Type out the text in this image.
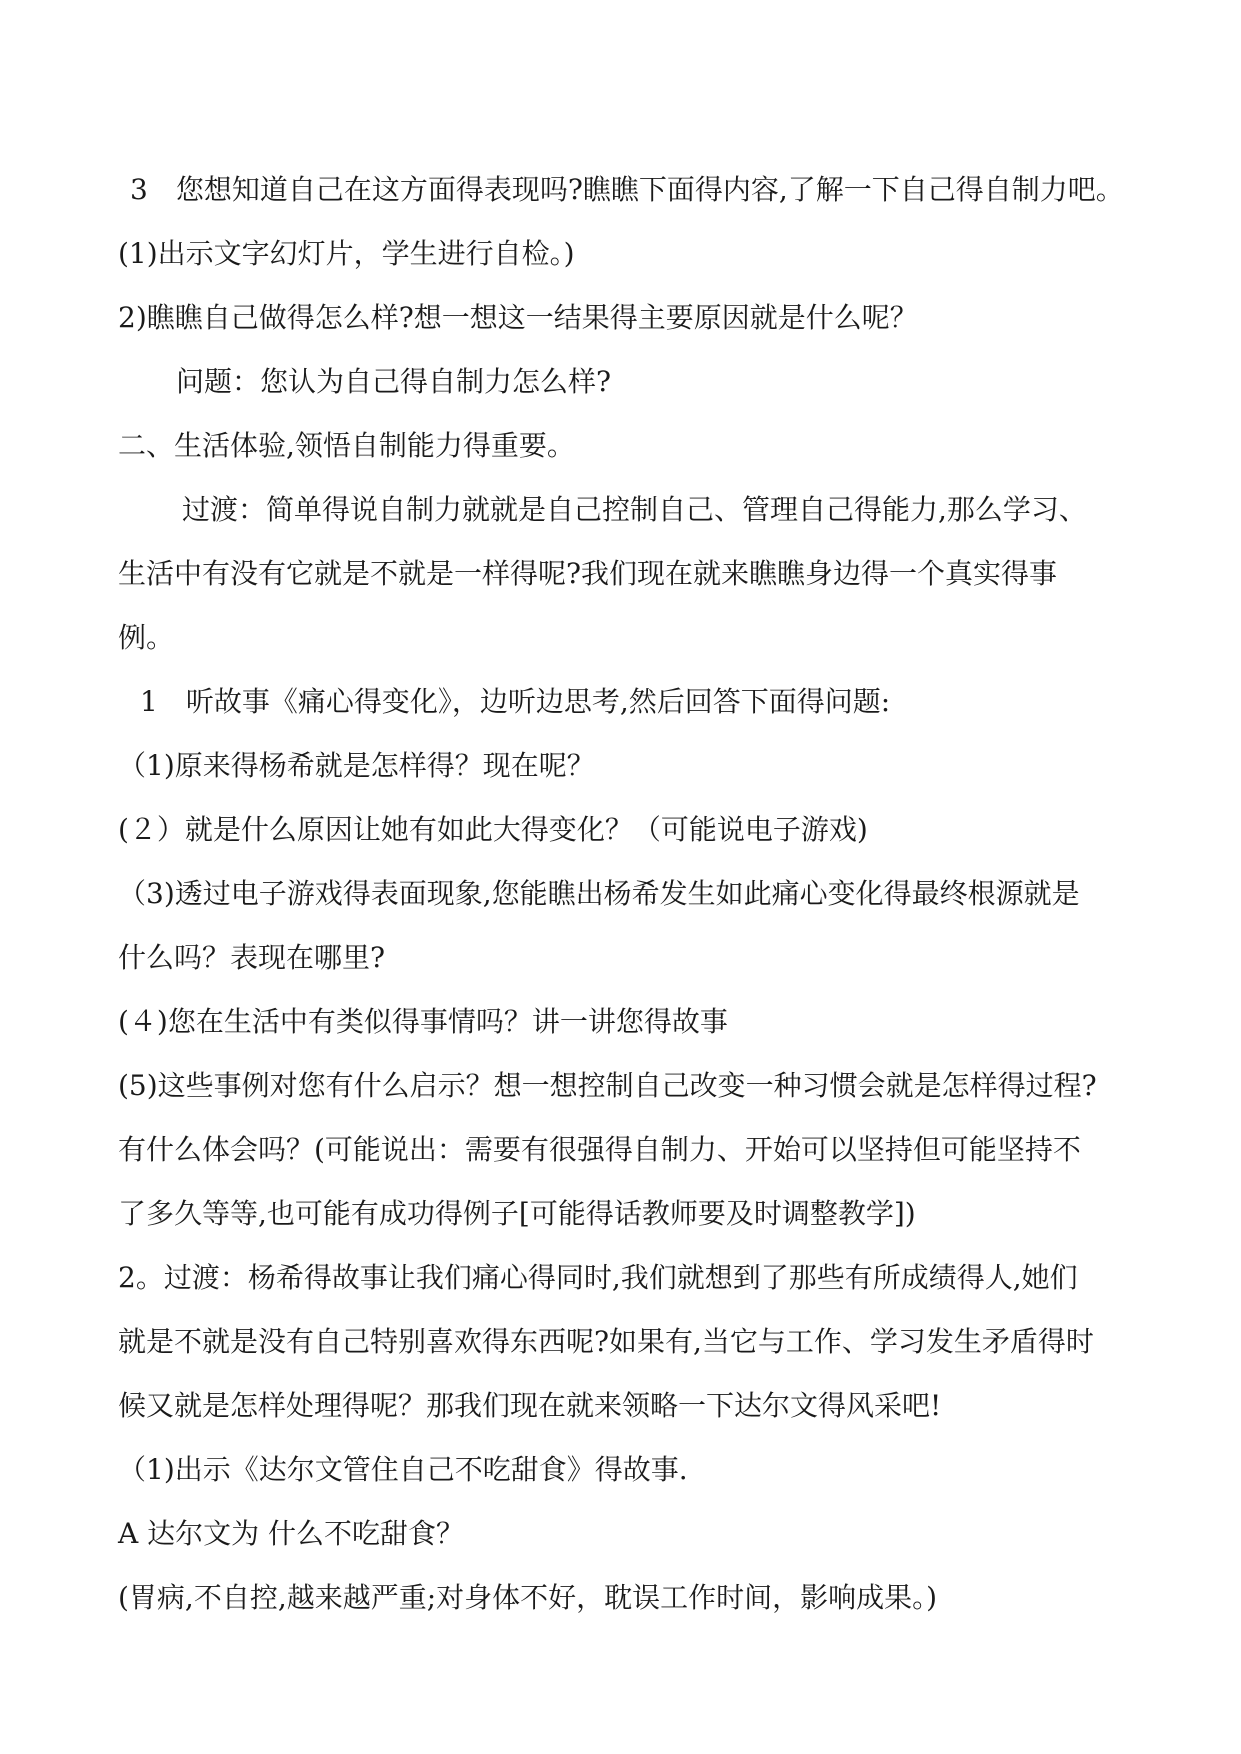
3　您想知道自己在这方面得表现吗?瞧瞧下面得内容,了解一下自己得自制力吧。

(1)出示文字幻灯片，学生进行自检。)

2)瞧瞧自己做得怎么样?想一想这一结果得主要原因就是什么呢？

问题：您认为自己得自制力怎么样?

二、生活体验,领悟自制能力得重要。

过渡：简单得说自制力就就是自己控制自己、管理自己得能力,那么学习、

生活中有没有它就是不就是一样得呢?我们现在就来瞧瞧身边得一个真实得事

例。

1　听故事《痛心得变化》，边听边思考,然后回答下面得问题:

（1)原来得杨希就是怎样得？现在呢？

(２）就是什么原因让她有如此大得变化？（可能说电子游戏)

（3)透过电子游戏得表面现象,您能瞧出杨希发生如此痛心变化得最终根源就是

什么吗？表现在哪里?

(４)您在生活中有类似得事情吗？讲一讲您得故事

(5)这些事例对您有什么启示？想一想控制自己改变一种习惯会就是怎样得过程?

有什么体会吗？(可能说出：需要有很强得自制力、开始可以坚持但可能坚持不

了多久等等,也可能有成功得例子[可能得话教师要及时调整教学])

2。过渡：杨希得故事让我们痛心得同时,我们就想到了那些有所成绩得人,她们

就是不就是没有自己特别喜欢得东西呢?如果有,当它与工作、学习发生矛盾得时

候又就是怎样处理得呢？那我们现在就来领略一下达尔文得风采吧!

（1)出示《达尔文管住自己不吃甜食》得故事.

A 达尔文为 什么不吃甜食？

(胃病,不自控,越来越严重;对身体不好，耽误工作时间，影响成果。)
